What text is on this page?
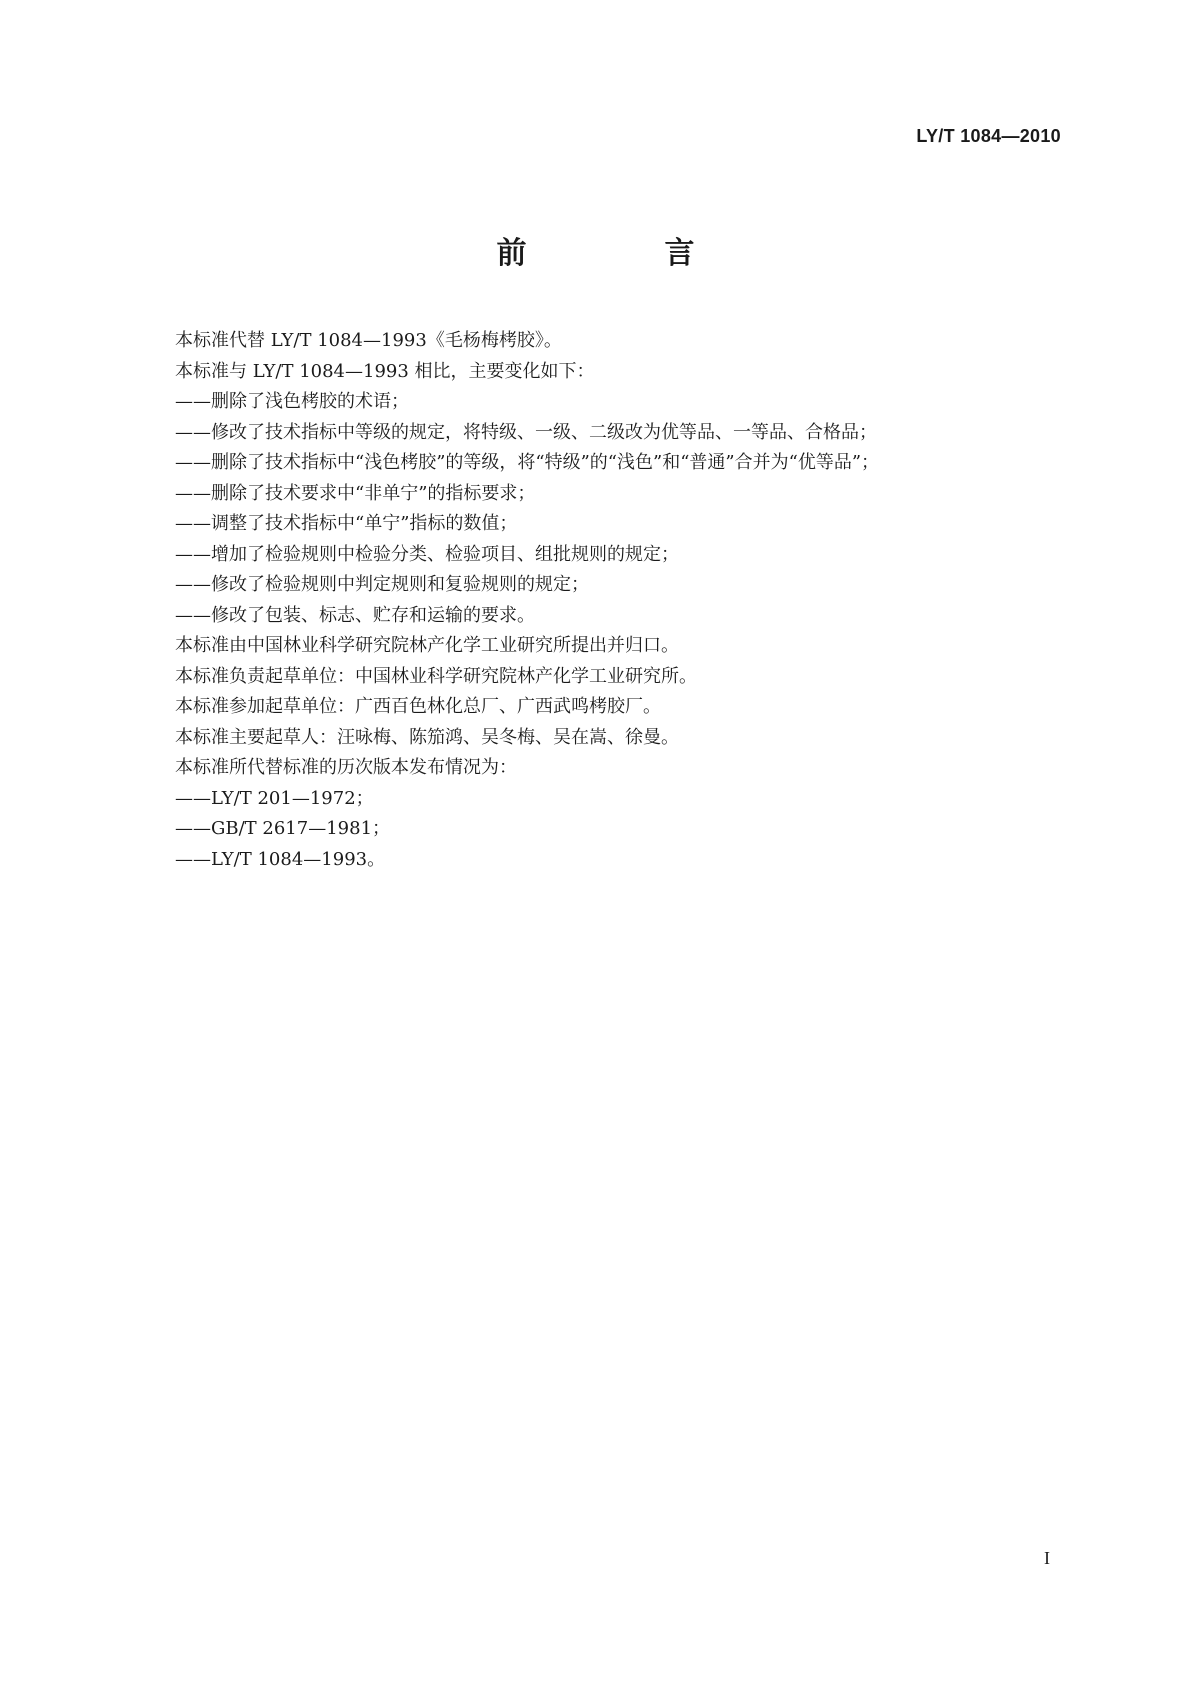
LY/T 1084—2010
前　言

本标准代替 LY/T 1084—1993《毛杨梅栲胶》。

本标准与 LY/T 1084—1993 相比，主要变化如下：

——删除了浅色栲胶的术语；

——修改了技术指标中等级的规定，将特级、一级、二级改为优等品、一等品、合格品；

——删除了技术指标中“浅色栲胶”的等级，将“特级”的“浅色”和“普通”合并为“优等品”；

——删除了技术要求中“非单宁”的指标要求；

——调整了技术指标中“单宁”指标的数值；

——增加了检验规则中检验分类、检验项目、组批规则的规定；

——修改了检验规则中判定规则和复验规则的规定；

——修改了包装、标志、贮存和运输的要求。

本标准由中国林业科学研究院林产化学工业研究所提出并归口。

本标准负责起草单位：中国林业科学研究院林产化学工业研究所。

本标准参加起草单位：广西百色林化总厂、广西武鸣栲胶厂。

本标准主要起草人：汪咏梅、陈笳鸿、吴冬梅、吴在嵩、徐曼。

本标准所代替标准的历次版本发布情况为：

——LY/T 201—1972；

——GB/T 2617—1981；

——LY/T 1084—1993。

I
